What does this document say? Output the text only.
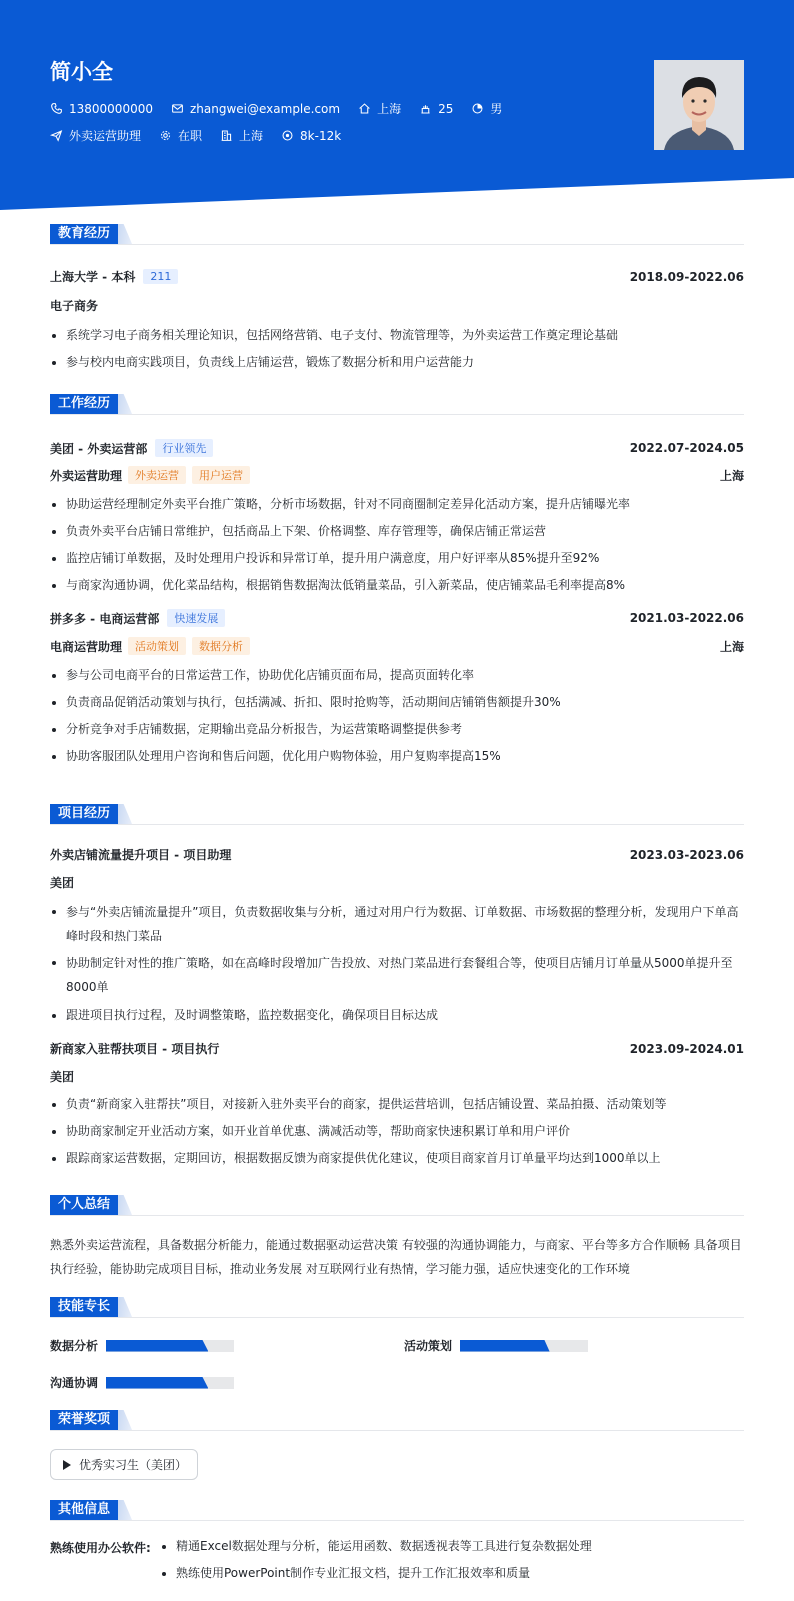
简小全
13800000000	zhangwei@example.com	上海	25	男
外卖运营助理	在职	上海	8k-12k
教育经历
上海大学 - 本科	211	2018.09-2022.06
电子商务
系统学习电子商务相关理论知识，包括网络营销、电子支付、物流管理等，为外卖运营工作奠定理论基础
参与校内电商实践项目，负责线上店铺运营，锻炼了数据分析和用户运营能力
工作经历
美团 - 外卖运营部	行业领先	2022.07-2024.05
外卖运营助理	外卖运营	用户运营	上海
协助运营经理制定外卖平台推广策略，分析市场数据，针对不同商圈制定差异化活动方案，提升店铺曝光率
负责外卖平台店铺日常维护，包括商品上下架、价格调整、库存管理等，确保店铺正常运营
监控店铺订单数据，及时处理用户投诉和异常订单，提升用户满意度，用户好评率从85%提升至92%
与商家沟通协调，优化菜品结构，根据销售数据淘汰低销量菜品，引入新菜品，使店铺菜品毛利率提高8%
拼多多 - 电商运营部	快速发展	2021.03-2022.06
电商运营助理	活动策划	数据分析	上海
参与公司电商平台的日常运营工作，协助优化店铺页面布局，提高页面转化率
负责商品促销活动策划与执行，包括满减、折扣、限时抢购等，活动期间店铺销售额提升30%
分析竞争对手店铺数据，定期输出竞品分析报告，为运营策略调整提供参考
协助客服团队处理用户咨询和售后问题，优化用户购物体验，用户复购率提高15%
项目经历
外卖店铺流量提升项目 - 项目助理	2023.03-2023.06
美团
参与“外卖店铺流量提升”项目，负责数据收集与分析，通过对用户行为数据、订单数据、市场数据的整理分析，发现用户下单高峰时段和热门菜品
协助制定针对性的推广策略，如在高峰时段增加广告投放、对热门菜品进行套餐组合等，使项目店铺月订单量从5000单提升至8000单
跟进项目执行过程，及时调整策略，监控数据变化，确保项目目标达成
新商家入驻帮扶项目 - 项目执行	2023.09-2024.01
美团
负责“新商家入驻帮扶”项目，对接新入驻外卖平台的商家，提供运营培训，包括店铺设置、菜品拍摄、活动策划等
协助商家制定开业活动方案，如开业首单优惠、满减活动等，帮助商家快速积累订单和用户评价
跟踪商家运营数据，定期回访，根据数据反馈为商家提供优化建议，使项目商家首月订单量平均达到1000单以上
个人总结
熟悉外卖运营流程，具备数据分析能力，能通过数据驱动运营决策 有较强的沟通协调能力，与商家、平台等多方合作顺畅 具备项目执行经验，能协助完成项目目标，推动业务发展 对互联网行业有热情，学习能力强，适应快速变化的工作环境
技能专长
数据分析	活动策划
沟通协调
荣誉奖项
优秀实习生（美团）
其他信息
熟练使用办公软件:	精通Excel数据处理与分析，能运用函数、数据透视表等工具进行复杂数据处理
熟练使用PowerPoint制作专业汇报文档，提升工作汇报效率和质量
